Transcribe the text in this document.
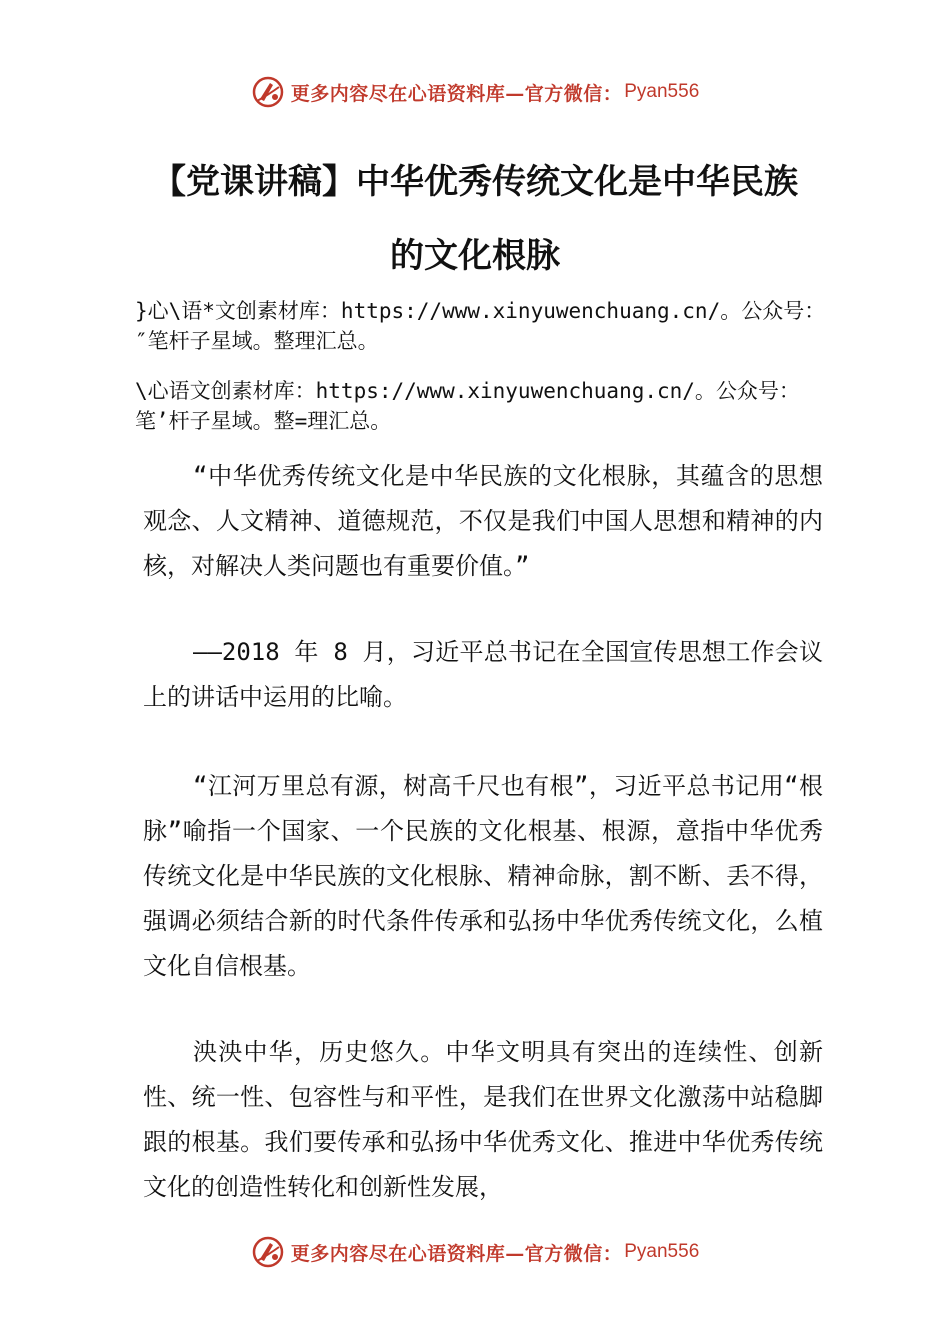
更多内容尽在心语资料库—官方微信： Pyan556
【党课讲稿】中华优秀传统文化是中华民族
的文化根脉
}心\语*文创素材库：https://www.xinyuwenchuang.cn/。公众号：″笔杆子星域。整理汇总。
\心语文创素材库：https://www.xinyuwenchuang.cn/。公众号：笔’杆子星域。整=理汇总。
“中华优秀传统文化是中华民族的文化根脉，其蕴含的思想观念、人文精神、道德规范，不仅是我们中国人思想和精神的内核，对解决人类问题也有重要价值。”
——2018 年 8 月，习近平总书记在全国宣传思想工作会议上的讲话中运用的比喻。
“江河万里总有源，树高千尺也有根”，习近平总书记用“根脉”喻指一个国家、一个民族的文化根基、根源，意指中华优秀传统文化是中华民族的文化根脉、精神命脉，割不断、丢不得，强调必须结合新的时代条件传承和弘扬中华优秀传统文化，么植文化自信根基。
泱泱中华，历史悠久。中华文明具有突出的连续性、创新性、统一性、包容性与和平性，是我们在世界文化激荡中站稳脚跟的根基。我们要传承和弘扬中华优秀文化、推进中华优秀传统文化的创造性转化和创新性发展，
更多内容尽在心语资料库—官方微信： Pyan556
